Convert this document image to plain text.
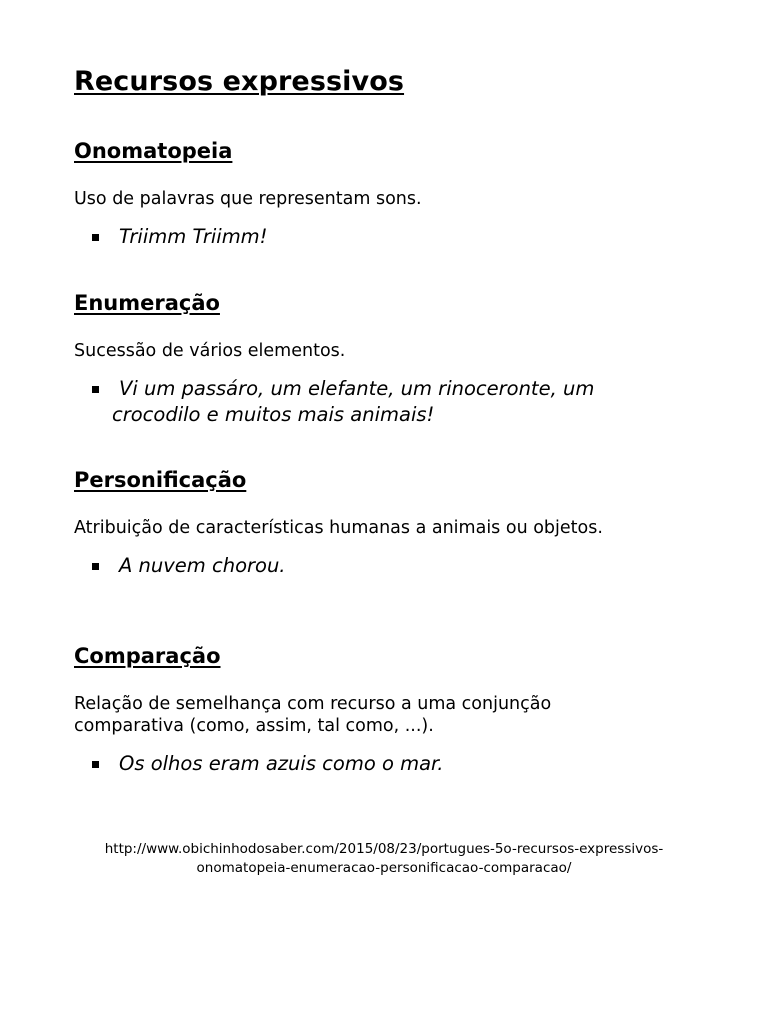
Recursos expressivos
Onomatopeia

Uso de palavras que representam sons.

Triimm Triimm!
Enumeração

Sucessão de vários elementos.

Vi um passáro, um elefante, um rinoceronte, um crocodilo e muitos mais animais!
Personificação

Atribuição de características humanas a animais ou objetos.

A nuvem chorou.
Comparação

Relação de semelhança com recurso a uma conjunção comparativa (como, assim, tal como, ...).

Os olhos eram azuis como o mar.
http://www.obichinhodosaber.com/2015/08/23/portugues-5o-recursos-expressivos-
onomatopeia-enumeracao-personificacao-comparacao/
